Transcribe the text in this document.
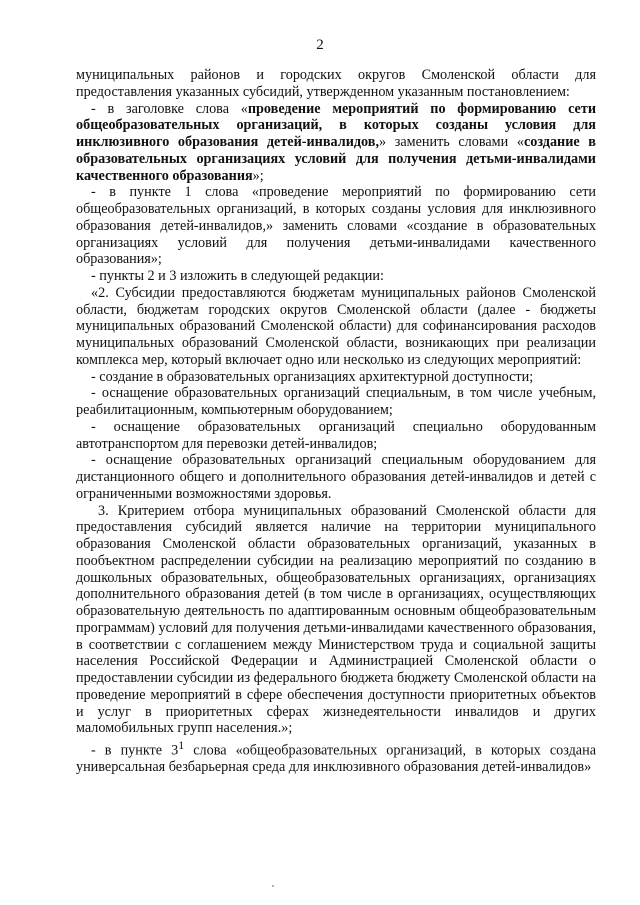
2

муниципальных районов и городских округов Смоленской области для предоставления указанных субсидий, утвержденном указанным постановлением:

- в заголовке слова «проведение мероприятий по формированию сети общеобразовательных организаций, в которых созданы условия для инклюзивного образования детей-инвалидов,» заменить словами «создание в образовательных организациях условий для получения детьми-инвалидами качественного образования»;

- в пункте 1 слова «проведение мероприятий по формированию сети общеобразовательных организаций, в которых созданы условия для инклюзивного образования детей-инвалидов,» заменить словами «создание в образовательных организациях условий для получения детьми-инвалидами качественного образования»;

- пункты 2 и 3 изложить в следующей редакции:

«2. Субсидии предоставляются бюджетам муниципальных районов Смоленской области, бюджетам городских округов Смоленской области (далее - бюджеты муниципальных образований Смоленской области) для софинансирования расходов муниципальных образований Смоленской области, возникающих при реализации комплекса мер, который включает одно или несколько из следующих мероприятий:

- создание в образовательных организациях архитектурной доступности;

- оснащение образовательных организаций специальным, в том числе учебным, реабилитационным, компьютерным оборудованием;

- оснащение образовательных организаций специально оборудованным автотранспортом для перевозки детей-инвалидов;

- оснащение образовательных организаций специальным оборудованием для дистанционного общего и дополнительного образования детей-инвалидов и детей с ограниченными возможностями здоровья.

3. Критерием отбора муниципальных образований Смоленской области для предоставления субсидий является наличие на территории муниципального образования Смоленской области образовательных организаций, указанных в пообъектном распределении субсидии на реализацию мероприятий по созданию в дошкольных образовательных, общеобразовательных организациях, организациях дополнительного образования детей (в том числе в организациях, осуществляющих образовательную деятельность по адаптированным основным общеобразовательным программам) условий для получения детьми-инвалидами качественного образования, в соответствии с соглашением между Министерством труда и социальной защиты населения Российской Федерации и Администрацией Смоленской области о предоставлении субсидии из федерального бюджета бюджету Смоленской области на проведение мероприятий в сфере обеспечения доступности приоритетных объектов и услуг в приоритетных сферах жизнедеятельности инвалидов и других маломобильных групп населения.»;

- в пункте $3^1$ слова «общеобразовательных организаций, в которых создана универсальная безбарьерная среда для инклюзивного образования детей-инвалидов»
